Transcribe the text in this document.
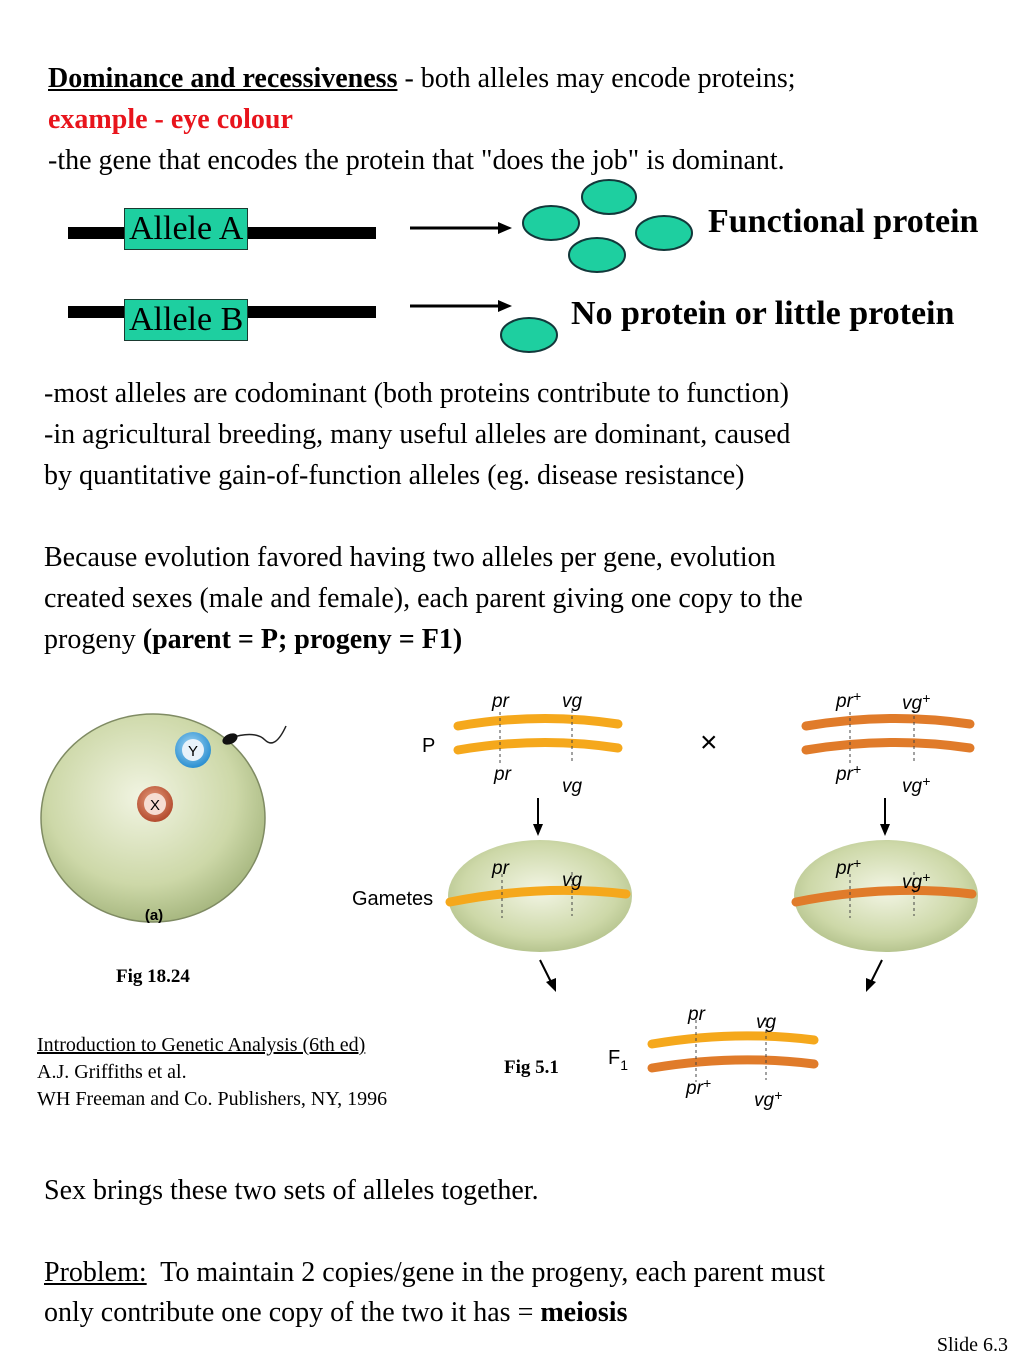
Dominance and recessiveness - both alleles may encode proteins;
example - eye colour
-the gene that encodes the protein that "does the job" is dominant.
Allele A
Allele B
Functional protein
No protein or little protein
-most alleles are codominant (both proteins contribute to function)
-in agricultural breeding, many useful alleles are dominant, caused
by quantitative gain-of-function alleles (eg. disease resistance)
Because evolution favored having two alleles per gene, evolution
created sexes (male and female), each parent giving one copy to the
progeny (parent = P; progeny = F1)
Y
X
(a)
Fig 18.24
Introduction to Genetic Analysis (6th ed)
A.J. Griffiths et al.
WH Freeman and Co. Publishers, NY, 1996
P
pr	vg
pr
vg
×
pr+ vg+
pr+
vg+
Gametes
pr
vg
pr+
vg+
$F_1$
pr	vg
pr+
vg+
Fig 5.1
Sex brings these two sets of alleles together.
Problem:  To maintain 2 copies/gene in the progeny, each parent must
only contribute one copy of the two it has = meiosis
Slide 6.3
